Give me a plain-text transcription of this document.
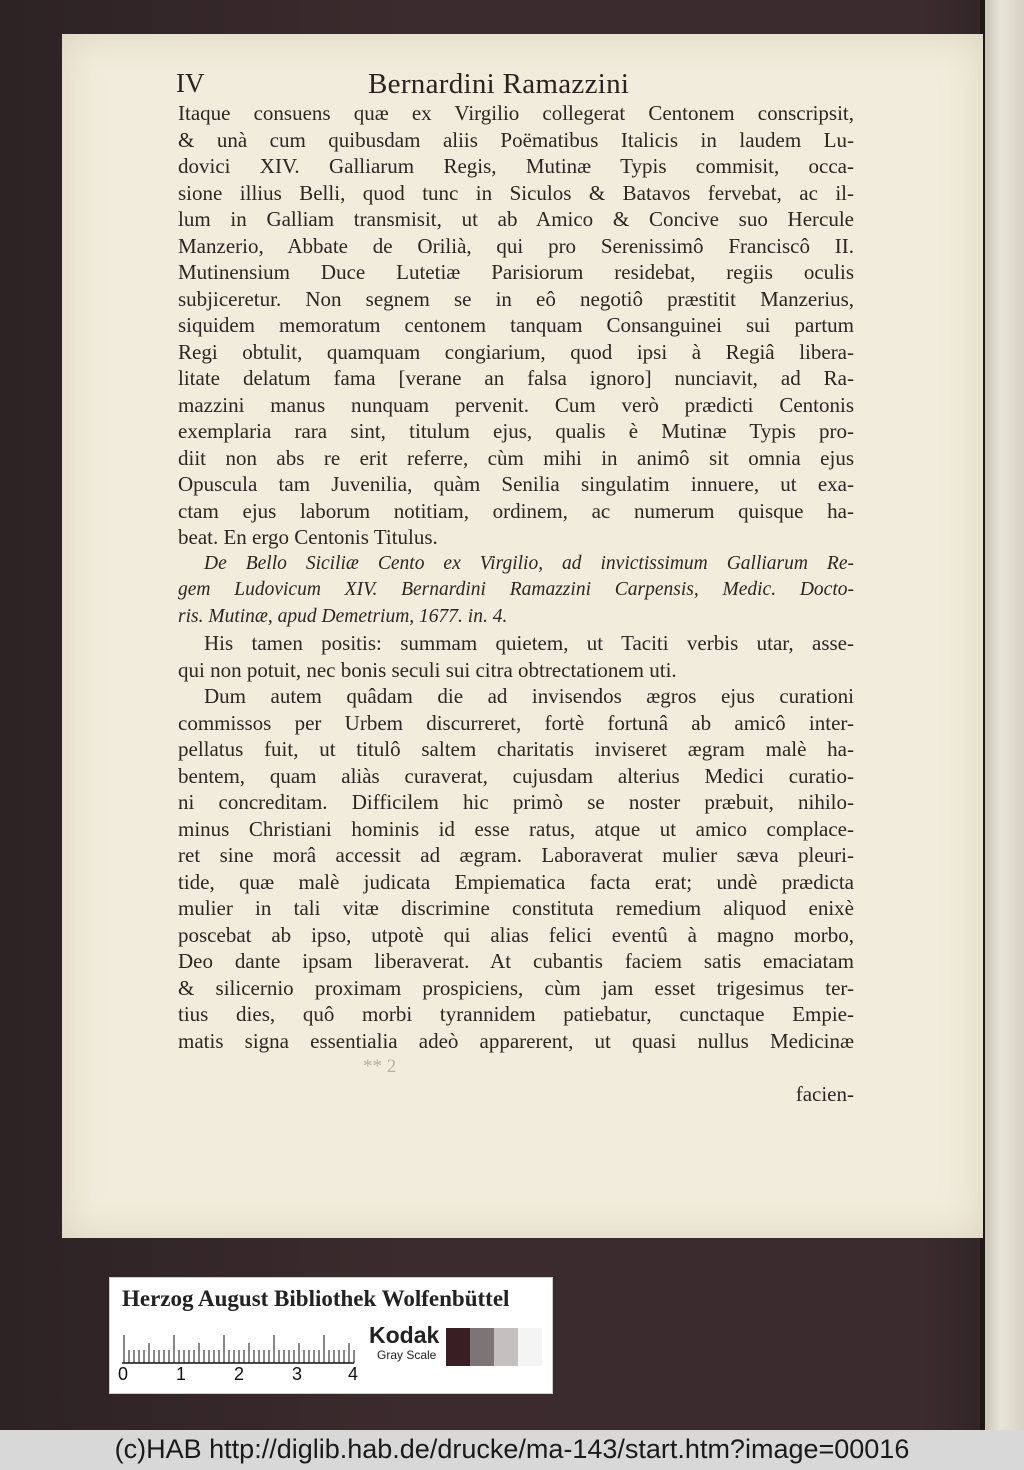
IV	Bernardini Ramazzini
Itaque consuens quæ ex Virgilio collegerat Centonem conscripsit,
& unà cum quibusdam aliis Poëmatibus Italicis in laudem Lu-
dovici XIV. Galliarum Regis, Mutinæ Typis commisit, occa-
sione illius Belli, quod tunc in Siculos & Batavos fervebat, ac il-
lum in Galliam transmisit, ut ab Amico & Concive suo Hercule
Manzerio, Abbate de Orilià, qui pro Serenissimô Franciscô II.
Mutinensium Duce Lutetiæ Parisiorum residebat, regiis oculis
subjiceretur. Non segnem se in eô negotiô præstitit Manzerius,
siquidem memoratum centonem tanquam Consanguinei sui partum
Regi obtulit, quamquam congiarium, quod ipsi à Regiâ libera-
litate delatum fama [verane an falsa ignoro] nunciavit, ad Ra-
mazzini manus nunquam pervenit. Cum verò prædicti Centonis
exemplaria rara sint, titulum ejus, qualis è Mutinæ Typis pro-
diit non abs re erit referre, cùm mihi in animô sit omnia ejus
Opuscula tam Juvenilia, quàm Senilia singulatim innuere, ut exa-
ctam ejus laborum notitiam, ordinem, ac numerum quisque ha-
beat. En ergo Centonis Titulus.
De Bello Siciliæ Cento ex Virgilio, ad invictissimum Galliarum Re-
gem Ludovicum XIV. Bernardini Ramazzini Carpensis, Medic. Docto-
ris. Mutinæ, apud Demetrium, 1677. in. 4.
His tamen positis: summam quietem, ut Taciti verbis utar, asse-
qui non potuit, nec bonis seculi sui citra obtrectationem uti.
Dum autem quâdam die ad invisendos ægros ejus curationi
commissos per Urbem discurreret, fortè fortunâ ab amicô inter-
pellatus fuit, ut titulô saltem charitatis inviseret ægram malè ha-
bentem, quam aliàs curaverat, cujusdam alterius Medici curatio-
ni concreditam. Difficilem hic primò se noster præbuit, nihilo-
minus Christiani hominis id esse ratus, atque ut amico complace-
ret sine morâ accessit ad ægram. Laboraverat mulier sæva pleuri-
tide, quæ malè judicata Empiematica facta erat; undè prædicta
mulier in tali vitæ discrimine constituta remedium aliquod enixè
poscebat ab ipso, utpotè qui alias felici eventû à magno morbo,
Deo dante ipsam liberaverat. At cubantis faciem satis emaciatam
& silicernio proximam prospiciens, cùm jam esset trigesimus ter-
tius dies, quô morbi tyrannidem patiebatur, cunctaque Empie-
matis signa essentialia adeò apparerent, ut quasi nullus Medicinæ
** 2
facien-
Herzog August Bibliothek Wolfenbüttel
0	1	2	3	4
Kodak
Gray Scale
(c)HAB http://diglib.hab.de/drucke/ma-143/start.htm?image=00016
